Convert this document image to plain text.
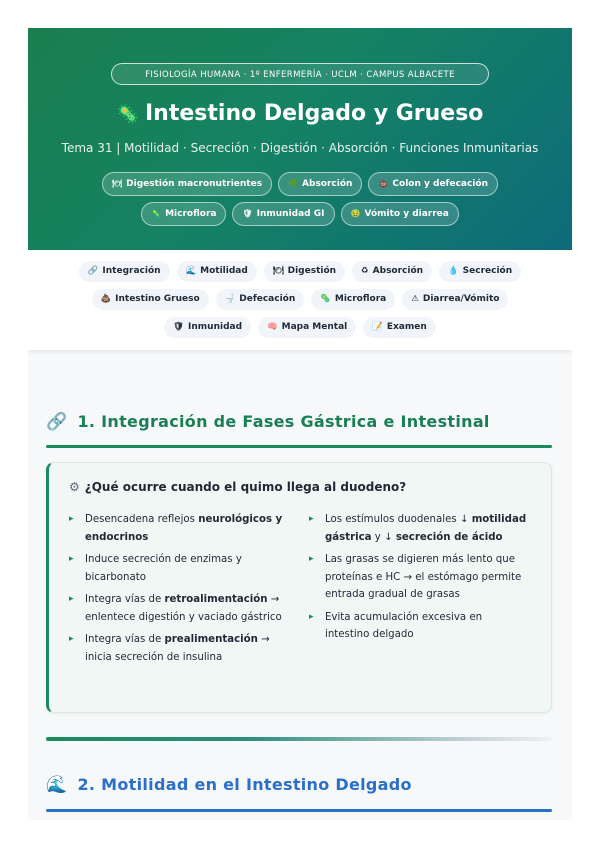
FISIOLOGÍA HUMANA · 1º ENFERMERÍA · UCLM · CAMPUS ALBACETE
🦠 Intestino Delgado y Grueso
Tema 31 | Motilidad · Secreción · Digestión · Absorción · Funciones Inmunitarias
🍽 Digestión macronutrientes	🌿 Absorción	💩 Colon y defecación
🦠 Microflora	🛡 Inmunidad GI	🤢 Vómito y diarrea
🔗 Integración	🌊 Motilidad	🍽 Digestión	♻ Absorción	💧 Secreción
💩 Intestino Grueso	🚽 Defecación	🦠 Microflora	⚠ Diarrea/Vómito
🛡 Inmunidad	🧠 Mapa Mental	📝 Examen
🔗 1. Integración de Fases Gástrica e Intestinal
⚙ ¿Qué ocurre cuando el quimo llega al duodeno?
▸ Desencadena reflejos neurológicos y endocrinos
▸ Induce secreción de enzimas y bicarbonato
▸ Integra vías de retroalimentación → enlentece digestión y vaciado gástrico
▸ Integra vías de prealimentación → inicia secreción de insulina
▸ Los estímulos duodenales ↓ motilidad gástrica y ↓ secreción de ácido
▸ Las grasas se digieren más lento que proteínas e HC → el estómago permite entrada gradual de grasas
▸ Evita acumulación excesiva en intestino delgado
🌊 2. Motilidad en el Intestino Delgado
